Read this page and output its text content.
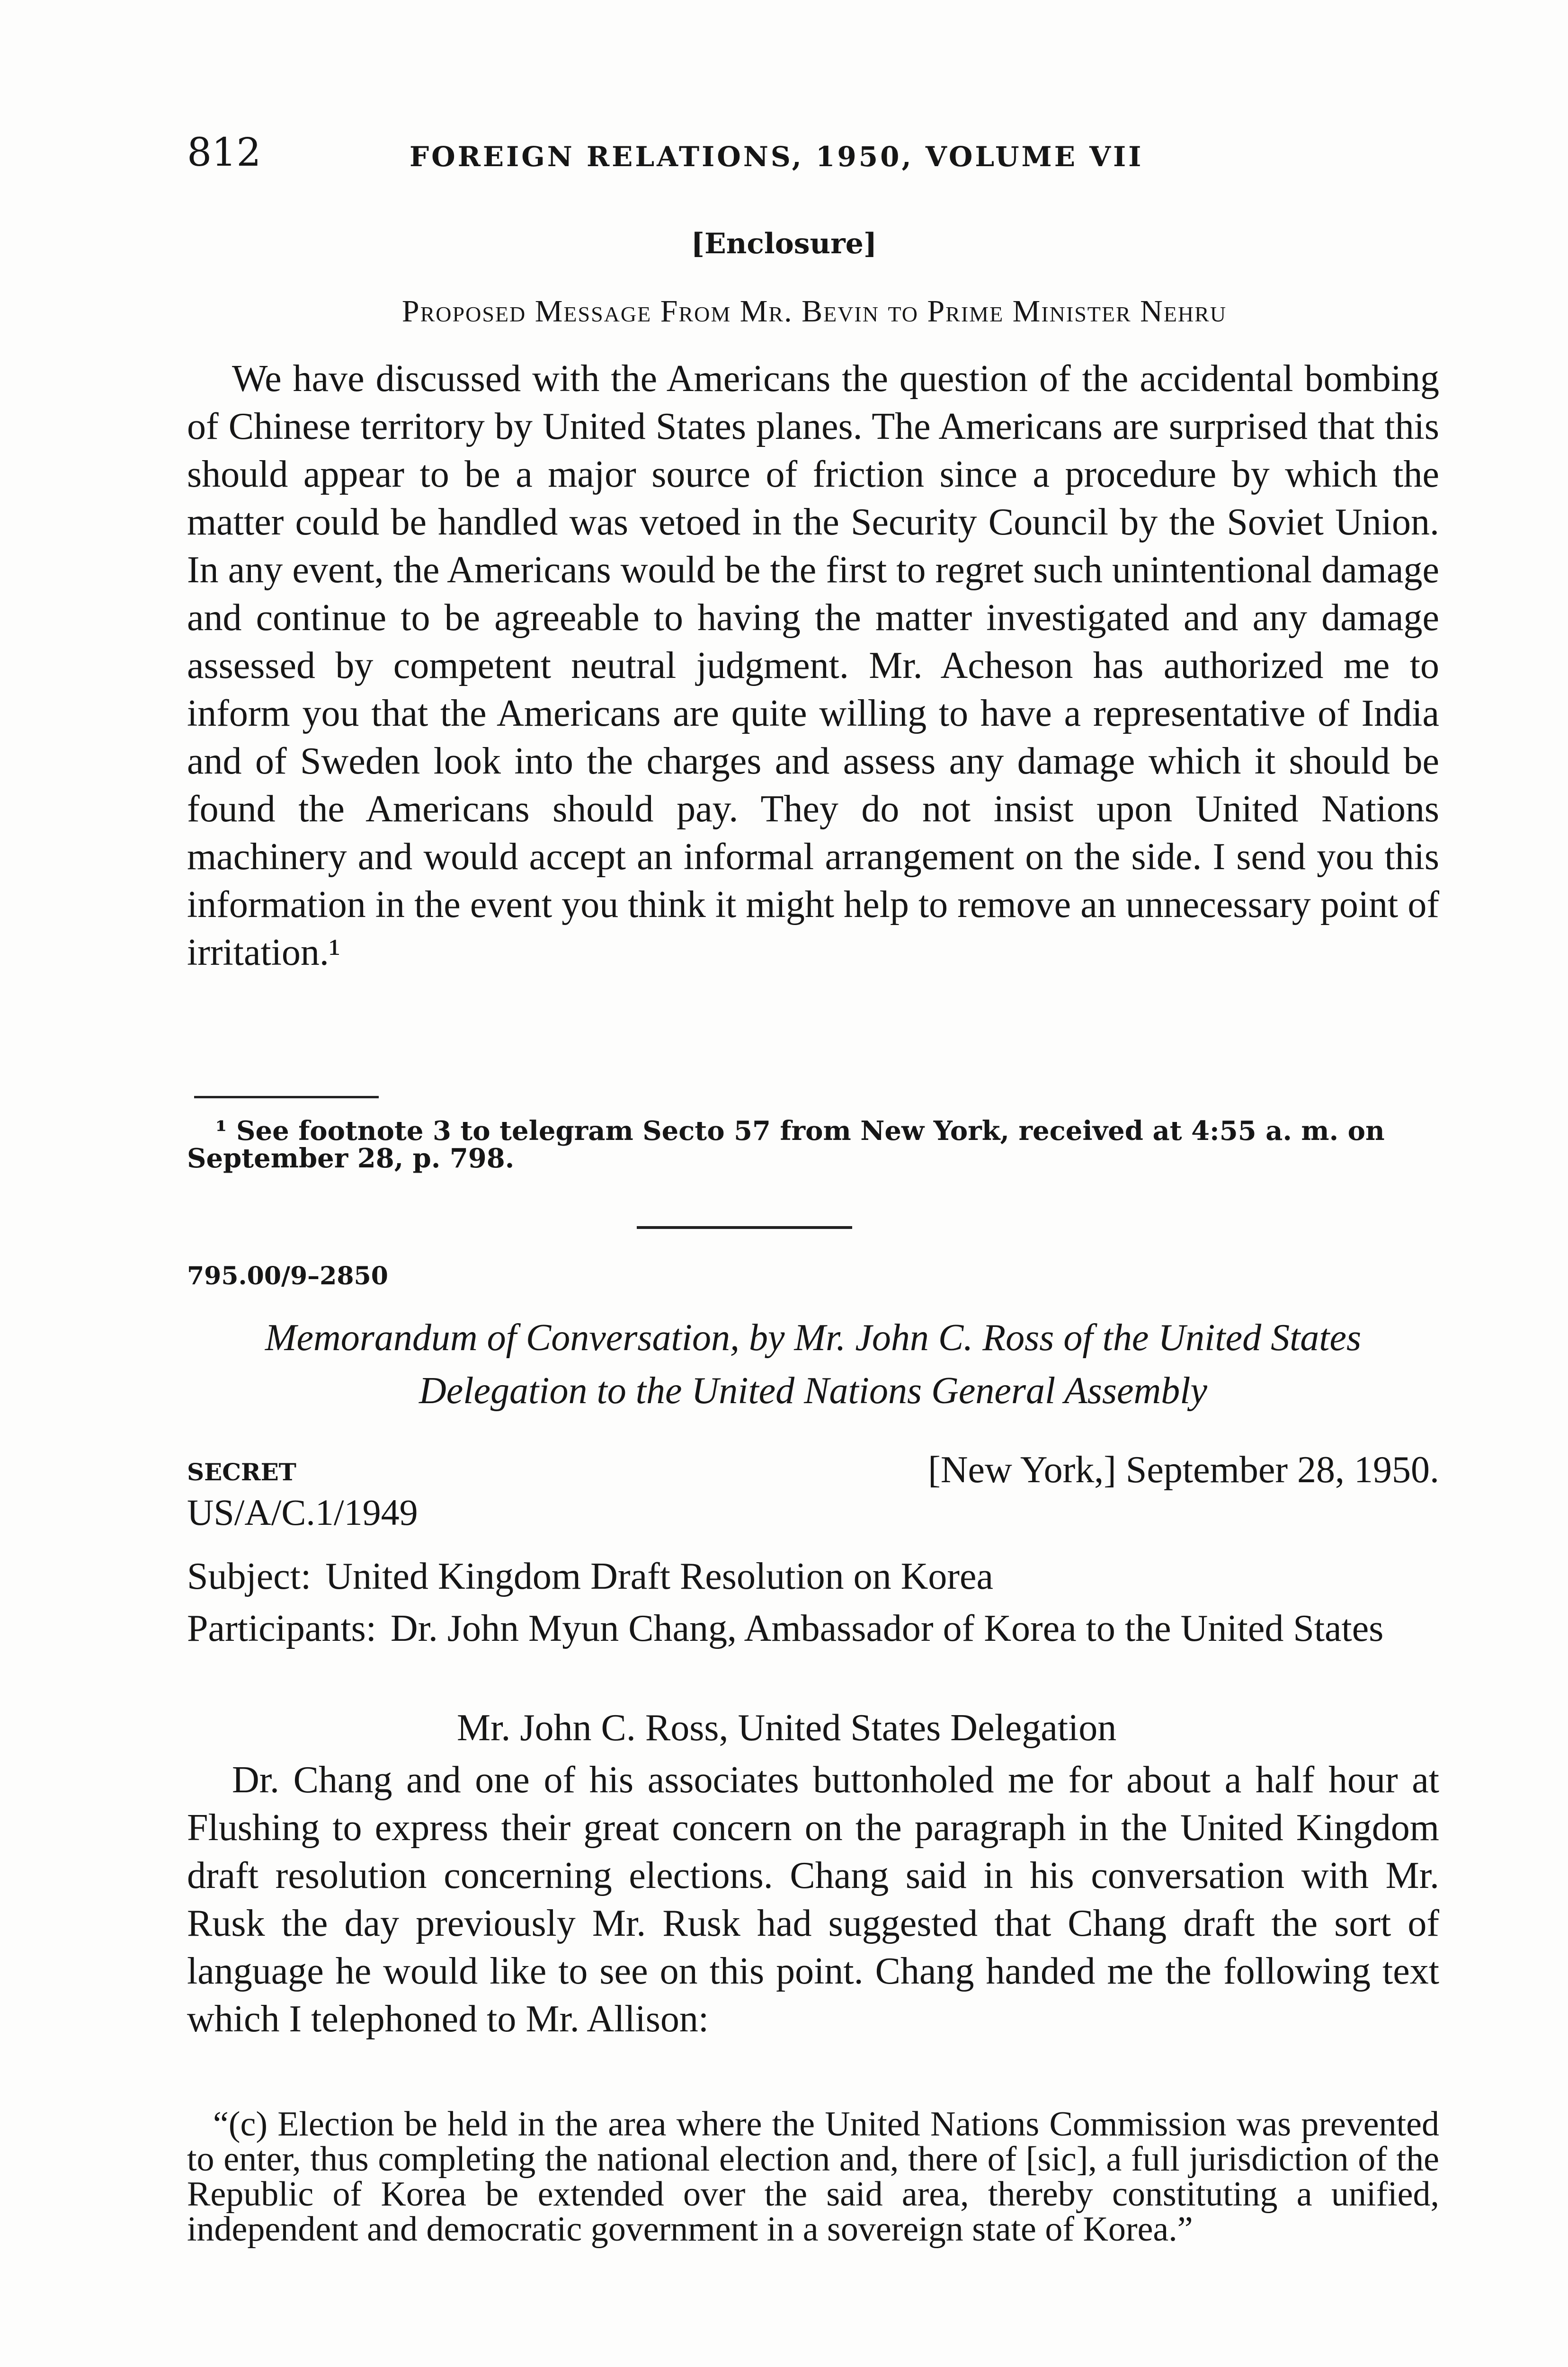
812	FOREIGN RELATIONS, 1950, VOLUME VII
[Enclosure]
Proposed Message From Mr. Bevin to Prime Minister Nehru

We have discussed with the Americans the question of the accidental bombing of Chinese territory by United States planes. The Americans are surprised that this should appear to be a major source of friction since a procedure by which the matter could be handled was vetoed in the Security Council by the Soviet Union. In any event, the Americans would be the first to regret such unintentional damage and continue to be agreeable to having the matter investigated and any damage assessed by competent neutral judgment. Mr. Acheson has authorized me to inform you that the Americans are quite willing to have a representative of India and of Sweden look into the charges and assess any damage which it should be found the Americans should pay. They do not insist upon United Nations machinery and would accept an informal arrangement on the side. I send you this information in the event you think it might help to remove an unnecessary point of irritation.¹

¹ See footnote 3 to telegram Secto 57 from New York, received at 4:55 a. m. on September 28, p. 798.

795.00/9–2850
Memorandum of Conversation, by Mr. John C. Ross of the United States Delegation to the United Nations General Assembly
SECRET	[New York,] September 28, 1950.
US/A/C.1/1949
Subject: United Kingdom Draft Resolution on Korea
Participants: Dr. John Myun Chang, Ambassador of Korea to the United States
Mr. John C. Ross, United States Delegation

Dr. Chang and one of his associates buttonholed me for about a half hour at Flushing to express their great concern on the paragraph in the United Kingdom draft resolution concerning elections. Chang said in his conversation with Mr. Rusk the day previously Mr. Rusk had suggested that Chang draft the sort of language he would like to see on this point. Chang handed me the following text which I telephoned to Mr. Allison:

“(c) Election be held in the area where the United Nations Commission was prevented to enter, thus completing the national election and, there of [sic], a full jurisdiction of the Republic of Korea be extended over the said area, thereby constituting a unified, independent and democratic government in a sovereign state of Korea.”
